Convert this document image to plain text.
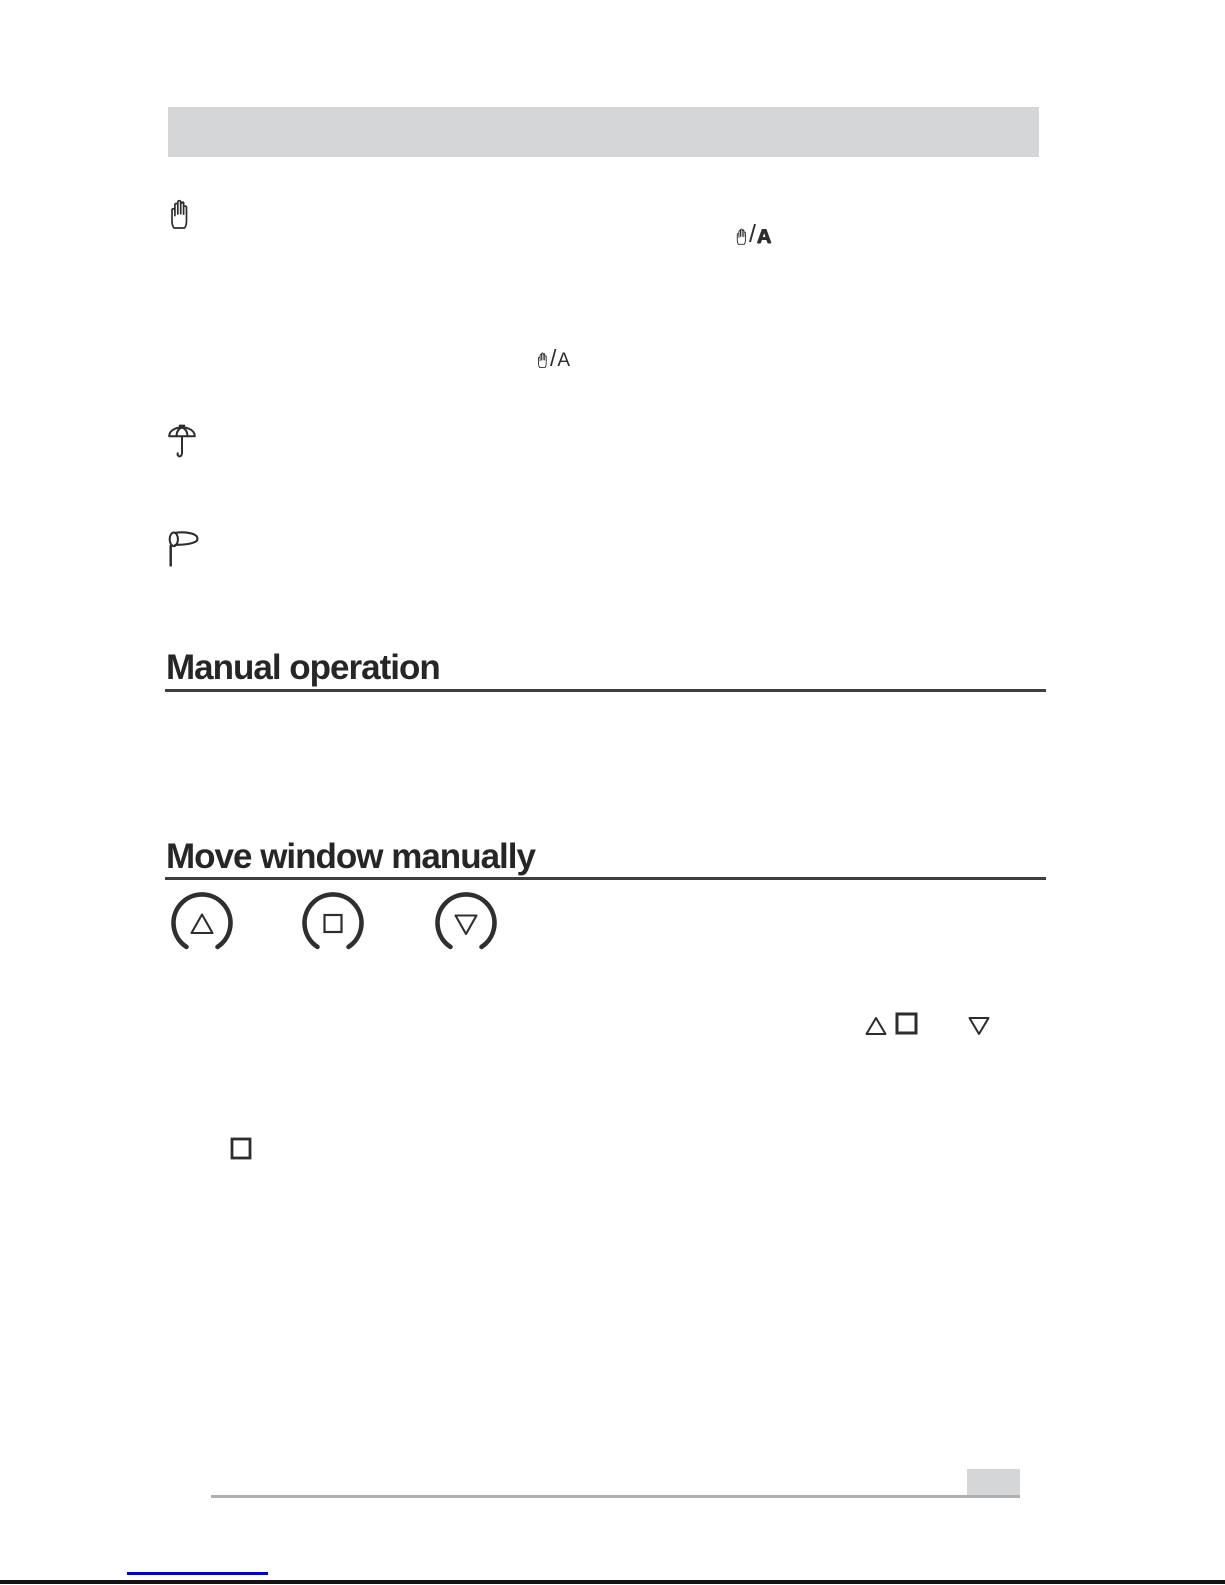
/ A
/ A
Manual operation
Move window manually
